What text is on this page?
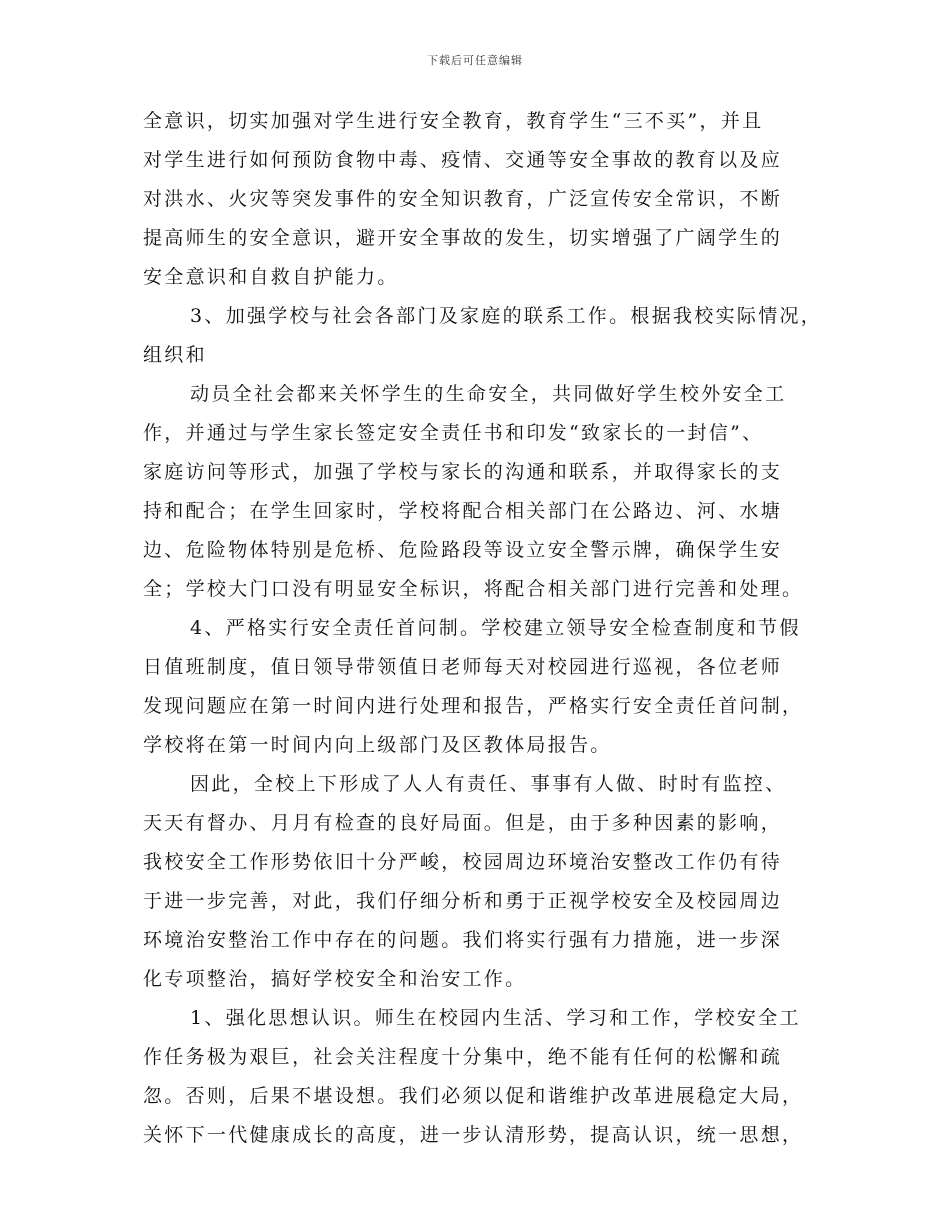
下载后可任意编辑
全意识，切实加强对学生进行安全教育，教育学生“三不买”，并且
对学生进行如何预防食物中毒、疫情、交通等安全事故的教育以及应
对洪水、火灾等突发事件的安全知识教育，广泛宣传安全常识，不断
提高师生的安全意识，避开安全事故的发生，切实增强了广阔学生的
安全意识和自救自护能力。
3、加强学校与社会各部门及家庭的联系工作。根据我校实际情况，
组织和
动员全社会都来关怀学生的生命安全，共同做好学生校外安全工
作，并通过与学生家长签定安全责任书和印发“致家长的一封信”、
家庭访问等形式，加强了学校与家长的沟通和联系，并取得家长的支
持和配合；在学生回家时，学校将配合相关部门在公路边、河、水塘
边、危险物体特别是危桥、危险路段等设立安全警示牌，确保学生安
全；学校大门口没有明显安全标识，将配合相关部门进行完善和处理。
4、严格实行安全责任首问制。学校建立领导安全检查制度和节假
日值班制度，值日领导带领值日老师每天对校园进行巡视，各位老师
发现问题应在第一时间内进行处理和报告，严格实行安全责任首问制，
学校将在第一时间内向上级部门及区教体局报告。
因此，全校上下形成了人人有责任、事事有人做、时时有监控、
天天有督办、月月有检查的良好局面。但是，由于多种因素的影响，
我校安全工作形势依旧十分严峻，校园周边环境治安整改工作仍有待
于进一步完善，对此，我们仔细分析和勇于正视学校安全及校园周边
环境治安整治工作中存在的问题。我们将实行强有力措施，进一步深
化专项整治，搞好学校安全和治安工作。
1、强化思想认识。师生在校园内生活、学习和工作，学校安全工
作任务极为艰巨，社会关注程度十分集中，绝不能有任何的松懈和疏
忽。否则，后果不堪设想。我们必须以促和谐维护改革进展稳定大局，
关怀下一代健康成长的高度，进一步认清形势，提高认识，统一思想，
